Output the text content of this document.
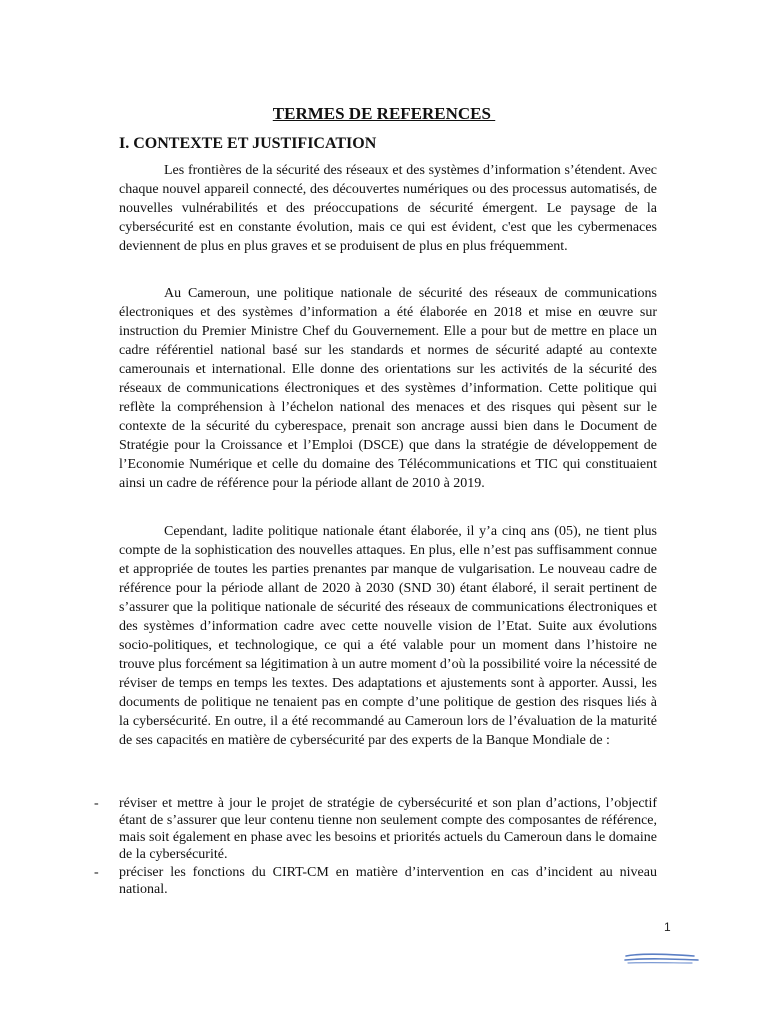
TERMES DE REFERENCES
I. CONTEXTE ET JUSTIFICATION

Les frontières de la sécurité des réseaux et des systèmes d’information s’étendent. Avec chaque nouvel appareil connecté, des découvertes numériques ou des processus automatisés, de nouvelles vulnérabilités et des préoccupations de sécurité émergent. Le paysage de la cybersécurité est en constante évolution, mais ce qui est évident, c'est que les cybermenaces deviennent de plus en plus graves et se produisent de plus en plus fréquemment.

Au Cameroun, une politique nationale de sécurité des réseaux de communications électroniques et des systèmes d’information a été élaborée en 2018 et mise en œuvre sur instruction du Premier Ministre Chef du Gouvernement. Elle a pour but de mettre en place un cadre référentiel national basé sur les standards et normes de sécurité adapté au contexte camerounais et international. Elle donne des orientations sur les activités de la sécurité des réseaux de communications électroniques et des systèmes d’information. Cette politique qui reflète la compréhension à l’échelon national des menaces et des risques qui pèsent sur le contexte de la sécurité du cyberespace, prenait son ancrage aussi bien dans le Document de Stratégie pour la Croissance et l’Emploi (DSCE) que dans la stratégie de développement de l’Economie Numérique et celle du domaine des Télécommunications et TIC qui constituaient ainsi un cadre de référence pour la période allant de 2010 à 2019.

Cependant, ladite politique nationale étant élaborée, il y’a cinq ans (05), ne tient plus compte de la sophistication des nouvelles attaques. En plus, elle n’est pas suffisamment connue et appropriée de toutes les parties prenantes par manque de vulgarisation. Le nouveau cadre de référence pour la période allant de 2020 à 2030 (SND 30) étant élaboré, il serait pertinent de s’assurer que la politique nationale de sécurité des réseaux de communications électroniques et des systèmes d’information cadre avec cette nouvelle vision de l’Etat. Suite aux évolutions socio-politiques, et technologique, ce qui a été valable pour un moment dans l’histoire ne trouve plus forcément sa légitimation à un autre moment d’où la possibilité voire la nécessité de réviser de temps en temps les textes. Des adaptations et ajustements sont à apporter. Aussi, les documents de politique ne tenaient pas en compte d’une politique de gestion des risques liés à la cybersécurité. En outre, il a été recommandé au Cameroun lors de l’évaluation de la maturité de ses capacités en matière de cybersécurité par des experts de la Banque Mondiale de :

- réviser et mettre à jour le projet de stratégie de cybersécurité et son plan d’actions, l’objectif étant de s’assurer que leur contenu tienne non seulement compte des composantes de référence, mais soit également en phase avec les besoins et priorités actuels du Cameroun dans le domaine de la cybersécurité.
- préciser les fonctions du CIRT-CM en matière d’intervention en cas d’incident au niveau national.
1
